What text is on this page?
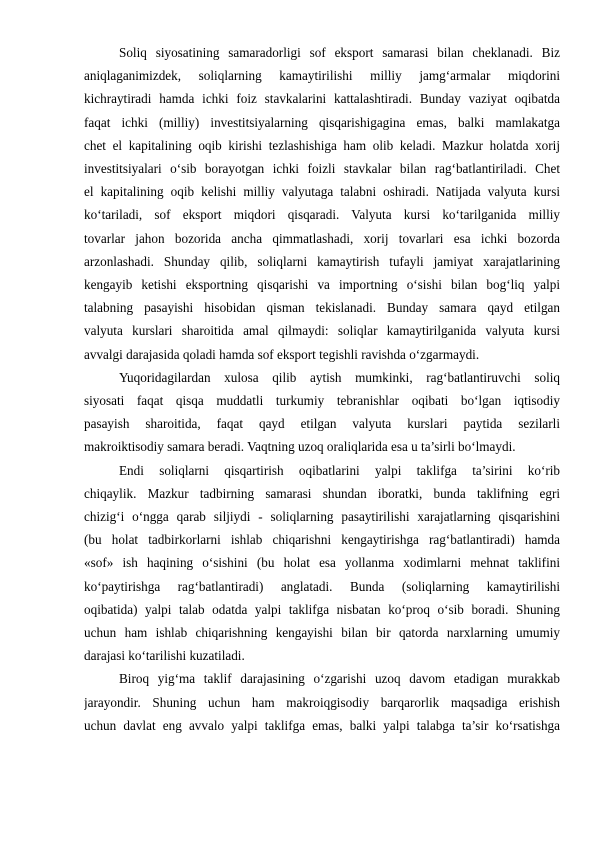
Soliq siyosatining samaradorligi sof eksport samarasi bilan cheklanadi. Biz
aniqlaganimizdek, soliqlarning kamaytirilishi milliy jamg‘armalar miqdorini
kichraytiradi hamda ichki foiz stavkalarini kattalashtiradi. Bunday vaziyat oqibatda
faqat ichki (milliy) investitsiyalarning qisqarishigagina emas, balki mamlakatga
chet el kapitalining oqib kirishi tezlashishiga ham olib keladi. Mazkur holatda xorij
investitsiyalari o‘sib borayotgan ichki foizli stavkalar bilan rag‘batlantiriladi. Chet
el kapitalining oqib kelishi milliy valyutaga talabni oshiradi. Natijada valyuta kursi
ko‘tariladi, sof eksport miqdori qisqaradi. Valyuta kursi ko‘tarilganida milliy
tovarlar jahon bozorida ancha qimmatlashadi, xorij tovarlari esa ichki bozorda
arzonlashadi. Shunday qilib, soliqlarni kamaytirish tufayli jamiyat xarajatlarining
kengayib ketishi eksportning qisqarishi va importning o‘sishi bilan bog‘liq yalpi
talabning pasayishi hisobidan qisman tekislanadi. Bunday samara qayd etilgan
valyuta kurslari sharoitida amal qilmaydi: soliqlar kamaytirilganida valyuta kursi
avvalgi darajasida qoladi hamda sof eksport tegishli ravishda o‘zgarmaydi.
Yuqoridagilardan xulosa qilib aytish mumkinki, rag‘batlantiruvchi soliq
siyosati faqat qisqa muddatli turkumiy tebranishlar oqibati bo‘lgan iqtisodiy
pasayish sharoitida, faqat qayd etilgan valyuta kurslari paytida sezilarli
makroiktisodiy samara beradi. Vaqtning uzoq oraliqlarida esa u ta’sirli bo‘lmaydi.
Endi soliqlarni qisqartirish oqibatlarini yalpi taklifga ta’sirini ko‘rib
chiqaylik. Mazkur tadbirning samarasi shundan iboratki, bunda taklifning egri
chizig‘i o‘ngga qarab siljiydi - soliqlarning pasaytirilishi xarajatlarning qisqarishini
(bu holat tadbirkorlarni ishlab chiqarishni kengaytirishga rag‘batlantiradi) hamda
«sof» ish haqining o‘sishini (bu holat esa yollanma xodimlarni mehnat taklifini
ko‘paytirishga rag‘batlantiradi) anglatadi. Bunda (soliqlarning kamaytirilishi
oqibatida) yalpi talab odatda yalpi taklifga nisbatan ko‘proq o‘sib boradi. Shuning
uchun ham ishlab chiqarishning kengayishi bilan bir qatorda narxlarning umumiy
darajasi ko‘tarilishi kuzatiladi.
Biroq yig‘ma taklif darajasining o‘zgarishi uzoq davom etadigan murakkab
jarayondir. Shuning uchun ham makroiqgisodiy barqarorlik maqsadiga erishish
uchun davlat eng avvalo yalpi taklifga emas, balki yalpi talabga ta’sir ko‘rsatishga
